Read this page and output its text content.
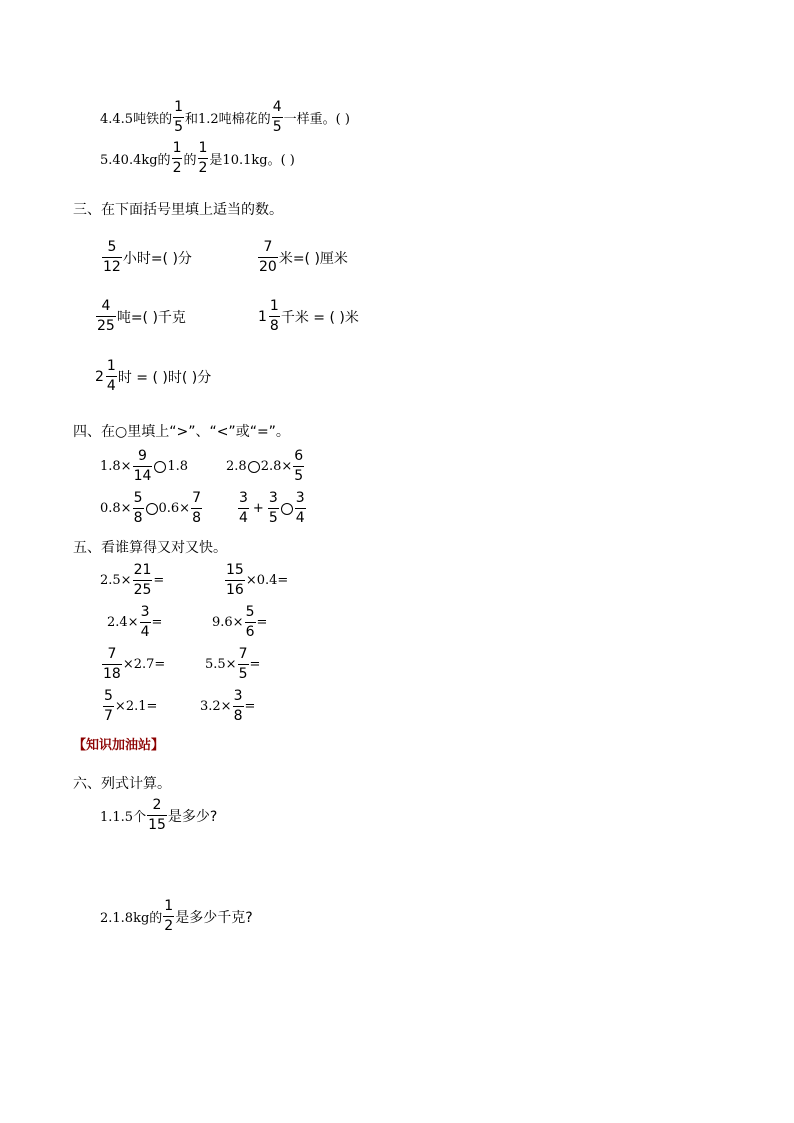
4.4.5吨铁的 $\frac{1}{5}$ 和1.2吨棉花的 $\frac{4}{5}$ 一样重。( )
5.40.4kg的 $\frac{1}{2}$ 的 $\frac{1}{2}$ 是10.1kg。( )
三、在下面括号里填上适当的数。
$\frac{5}{12}$ 小时=( )分	$\frac{7}{20}$ 米=( )厘米
$\frac{4}{25}$ 吨=( )千克	$1 \frac{1}{8}$ 千米 = ( )米
$2 \frac{1}{4}$ 时 = ( )时( )分
四、在○里填上“>”、“<”或“=”。
$1.8\times \frac{9}{14} 1.8$	2.8 $2.8\times \frac{6}{5}$
$0.8\times \frac{5}{8} 0.6\times \frac{7}{8}$	$\frac{3}{4} + \frac{3}{5} \frac{3}{4}$
五、看谁算得又对又快。
$2.5\times \frac{21}{25}$ =	$\frac{15}{16} \times 0.4=$
$2.4\times \frac{3}{4}$ =	$9.6\times \frac{5}{6}$ =
$\frac{7}{18} \times 2.7=$	$5.5\times \frac{7}{5}$ =
$\frac{5}{7} \times 2.1=$	$3.2\times \frac{3}{8}$ =
【知识加油站】
六、列式计算。
1.1.5个 $\frac{2}{15}$ 是多少?
2.1.8kg的 $\frac{1}{2}$ 是多少千克?
